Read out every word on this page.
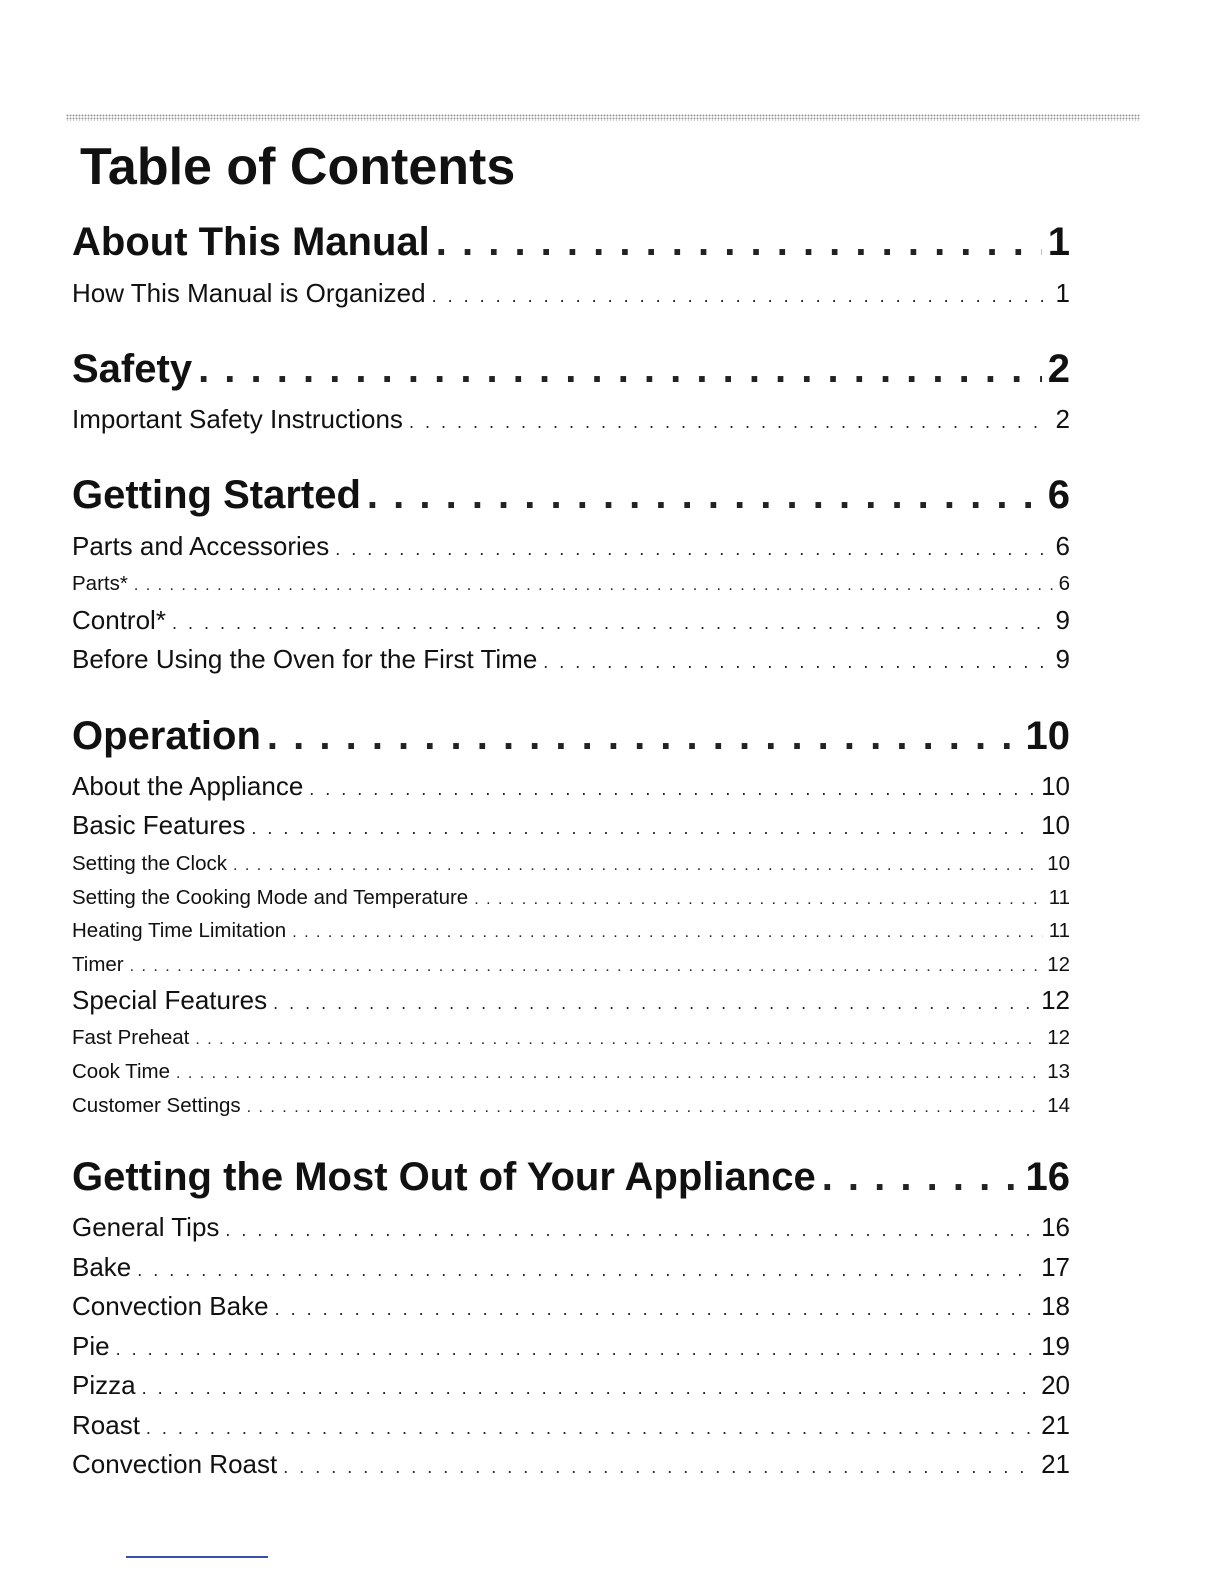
Table of Contents
About This Manual . . .	1
How This Manual is Organized . . .	1
Safety . . .	2
Important Safety Instructions . . .	2
Getting Started . . .	6
Parts and Accessories . . .	6
Parts* . . .	6
Control* . . .	9
Before Using the Oven for the First Time . . .	9
Operation . . .	10
About the Appliance . . .	10
Basic Features . . .	10
Setting the Clock . . .	10
Setting the Cooking Mode and Temperature . . .	11
Heating Time Limitation . . .	11
Timer . . .	12
Special Features . . .	12
Fast Preheat . . .	12
Cook Time . . .	13
Customer Settings . . .	14
Getting the Most Out of Your Appliance . . .	16
General Tips . . .	16
Bake . . .	17
Convection Bake . . .	18
Pie . . .	19
Pizza . . .	20
Roast . . .	21
Convection Roast . . .	21
